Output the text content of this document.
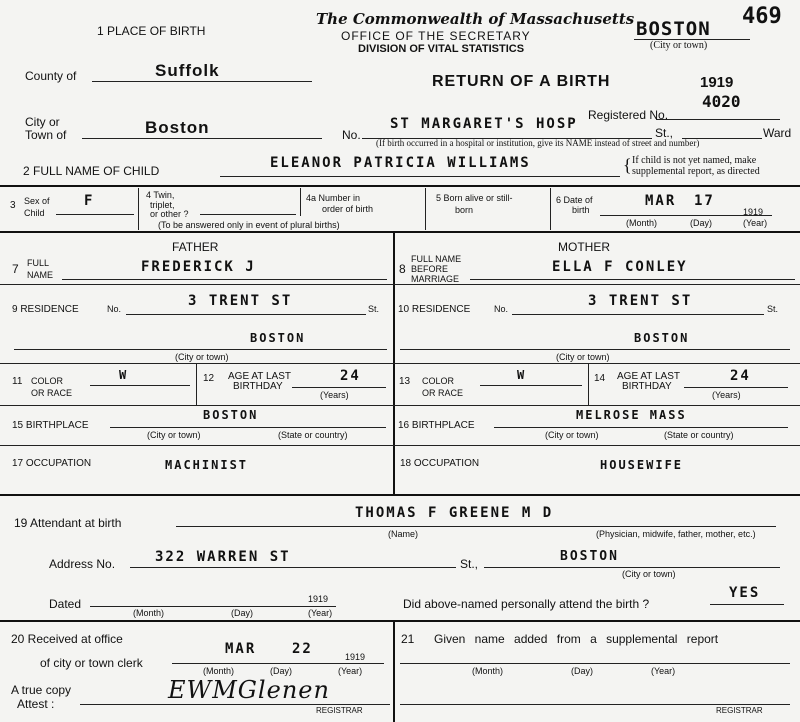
1 PLACE OF BIRTH
The Commonwealth of Massachusetts
OFFICE OF THE SECRETARY
DIVISION OF VITAL STATISTICS
BOSTON 469
(City or town)
County of	Suffolk
RETURN OF A BIRTH	1919
Registered No.
4020
City or
Town of	Boston	No.
ST MARGARET'S HOSP
St.,	Ward
(If birth occurred in a hospital or institution, give its NAME instead of street and number)
2 FULL NAME OF CHILD	ELEANOR PATRICIA WILLIAMS	{ If child is not yet named, make
supplemental report, as directed
3 Sex of
Child
F	4 Twin,
triplet,
or other ?
(To be answered only in event of plural births)
4a Number in
order of birth
5 Born alive or still-
born
6 Date of
birth
MAR 17
1919
(Month)	(Day)	(Year)
FATHER	MOTHER
7 FULL
NAME	FREDERICK J	8
FULL NAME
BEFORE
MARRIAGE
ELLA F CONLEY
9 RESIDENCE	No.	3 TRENT ST	St.
BOSTON
(City or town)
10 RESIDENCE	No.	3 TRENT ST	St.
BOSTON
(City or town)
11 COLOR
OR RACE
W	12 AGE AT LAST
BIRTHDAY
24
(Years)
13 COLOR
OR RACE
W	14 AGE AT LAST
BIRTHDAY
24
(Years)
15 BIRTHPLACE
BOSTON
(City or town)	(State or country)
16 BIRTHPLACE
MELROSE MASS
(City or town)	(State or country)
17 OCCUPATION	MACHINIST	18 OCCUPATION	HOUSEWIFE
19 Attendant at birth
THOMAS F GREENE M D
(Name)	(Physician, midwife, father, mother, etc.)
Address No.	322 WARREN ST	St.,	BOSTON
(City or town)
Dated	1919
(Month)	(Day)	(Year)
Did above-named personally attend the birth ?
YES
20 Received at office
of city or town clerk
MAR	22	1919
(Month)	(Day)	(Year)
A true copy
Attest :	EWMGlenen
REGISTRAR
21 Given name added from a supplemental report
(Month)	(Day)	(Year)
REGISTRAR
